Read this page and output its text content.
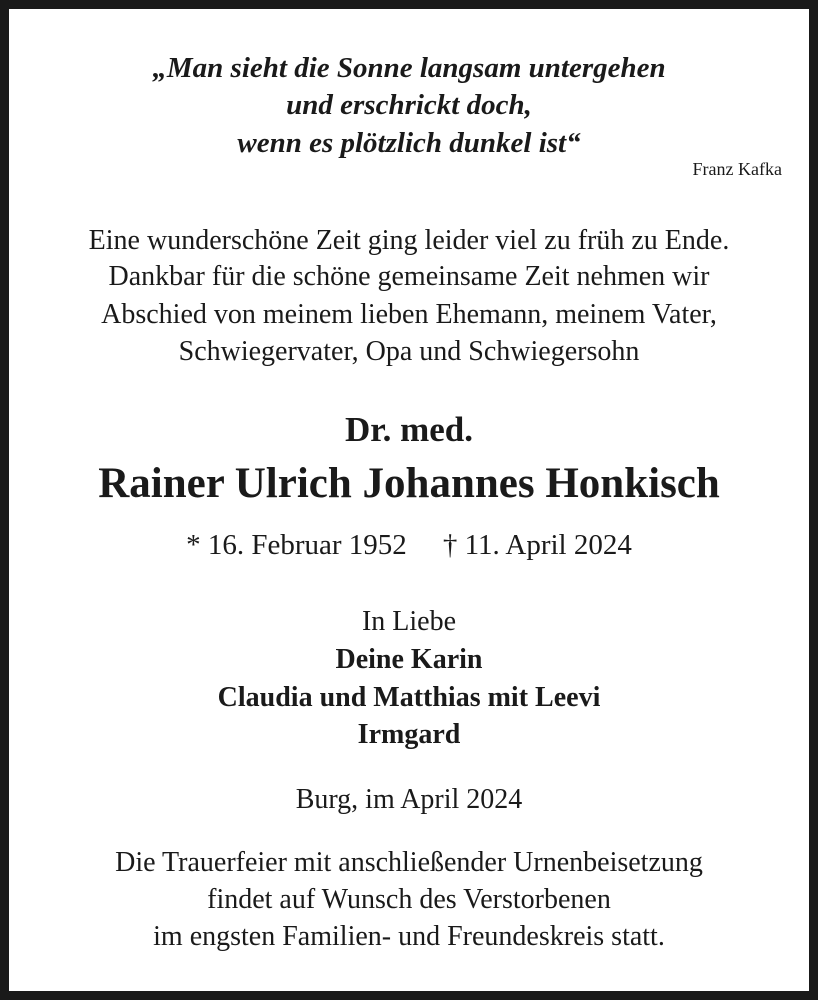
„Man sieht die Sonne langsam untergehen

und erschrickt doch,

wenn es plötzlich dunkel ist“

Franz Kafka

Eine wunderschöne Zeit ging leider viel zu früh zu Ende.

Dankbar für die schöne gemeinsame Zeit nehmen wir

Abschied von meinem lieben Ehemann, meinem Vater,

Schwiegervater, Opa und Schwiegersohn

Dr. med.

Rainer Ulrich Johannes Honkisch

* 16. Februar 1952 † 11. April 2024

In Liebe

Deine Karin

Claudia und Matthias mit Leevi

Irmgard

Burg, im April 2024

Die Trauerfeier mit anschließender Urnenbeisetzung

findet auf Wunsch des Verstorbenen

im engsten Familien- und Freundeskreis statt.
